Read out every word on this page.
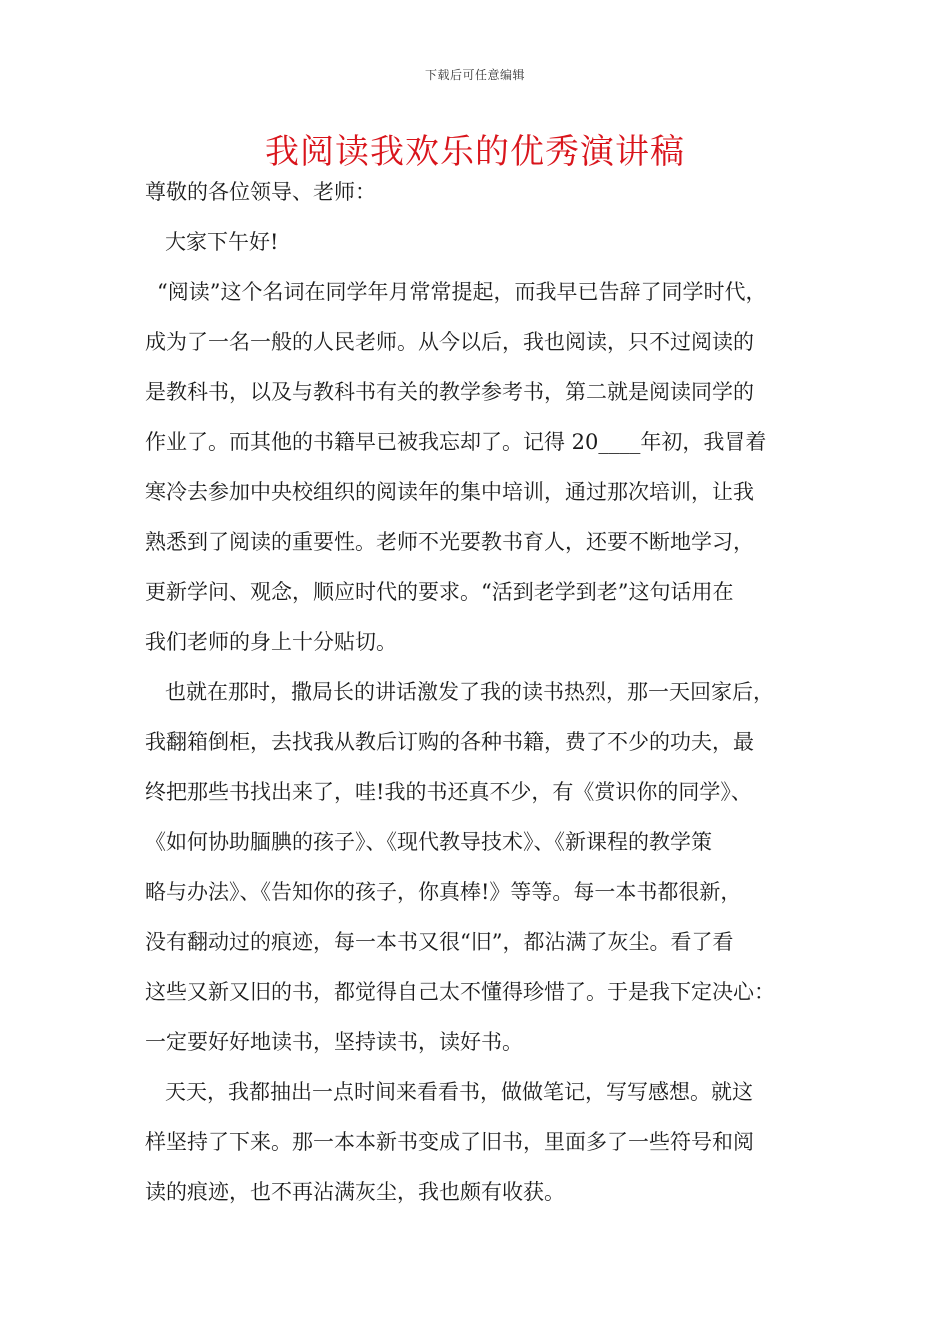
下载后可任意编辑
我阅读我欢乐的优秀演讲稿
尊敬的各位领导、老师：
大家下午好!
“阅读”这个名词在同学年月常常提起，而我早已告辞了同学时代，
成为了一名一般的人民老师。从今以后，我也阅读，只不过阅读的
是教科书，以及与教科书有关的教学参考书，第二就是阅读同学的
作业了。而其他的书籍早已被我忘却了。记得 20____年初，我冒着
寒冷去参加中央校组织的阅读年的集中培训，通过那次培训，让我
熟悉到了阅读的重要性。老师不光要教书育人，还要不断地学习，
更新学问、观念，顺应时代的要求。“活到老学到老”这句话用在
我们老师的身上十分贴切。
也就在那时，撒局长的讲话激发了我的读书热烈，那一天回家后，
我翻箱倒柜，去找我从教后订购的各种书籍，费了不少的功夫，最
终把那些书找出来了，哇!我的书还真不少，有《赏识你的同学》、
《如何协助腼腆的孩子》、《现代教导技术》、《新课程的教学策
略与办法》、《告知你的孩子，你真棒!》等等。每一本书都很新，
没有翻动过的痕迹，每一本书又很“旧”，都沾满了灰尘。看了看
这些又新又旧的书，都觉得自己太不懂得珍惜了。于是我下定决心：
一定要好好地读书，坚持读书，读好书。
天天，我都抽出一点时间来看看书，做做笔记，写写感想。就这
样坚持了下来。那一本本新书变成了旧书，里面多了一些符号和阅
读的痕迹，也不再沾满灰尘，我也颇有收获。
